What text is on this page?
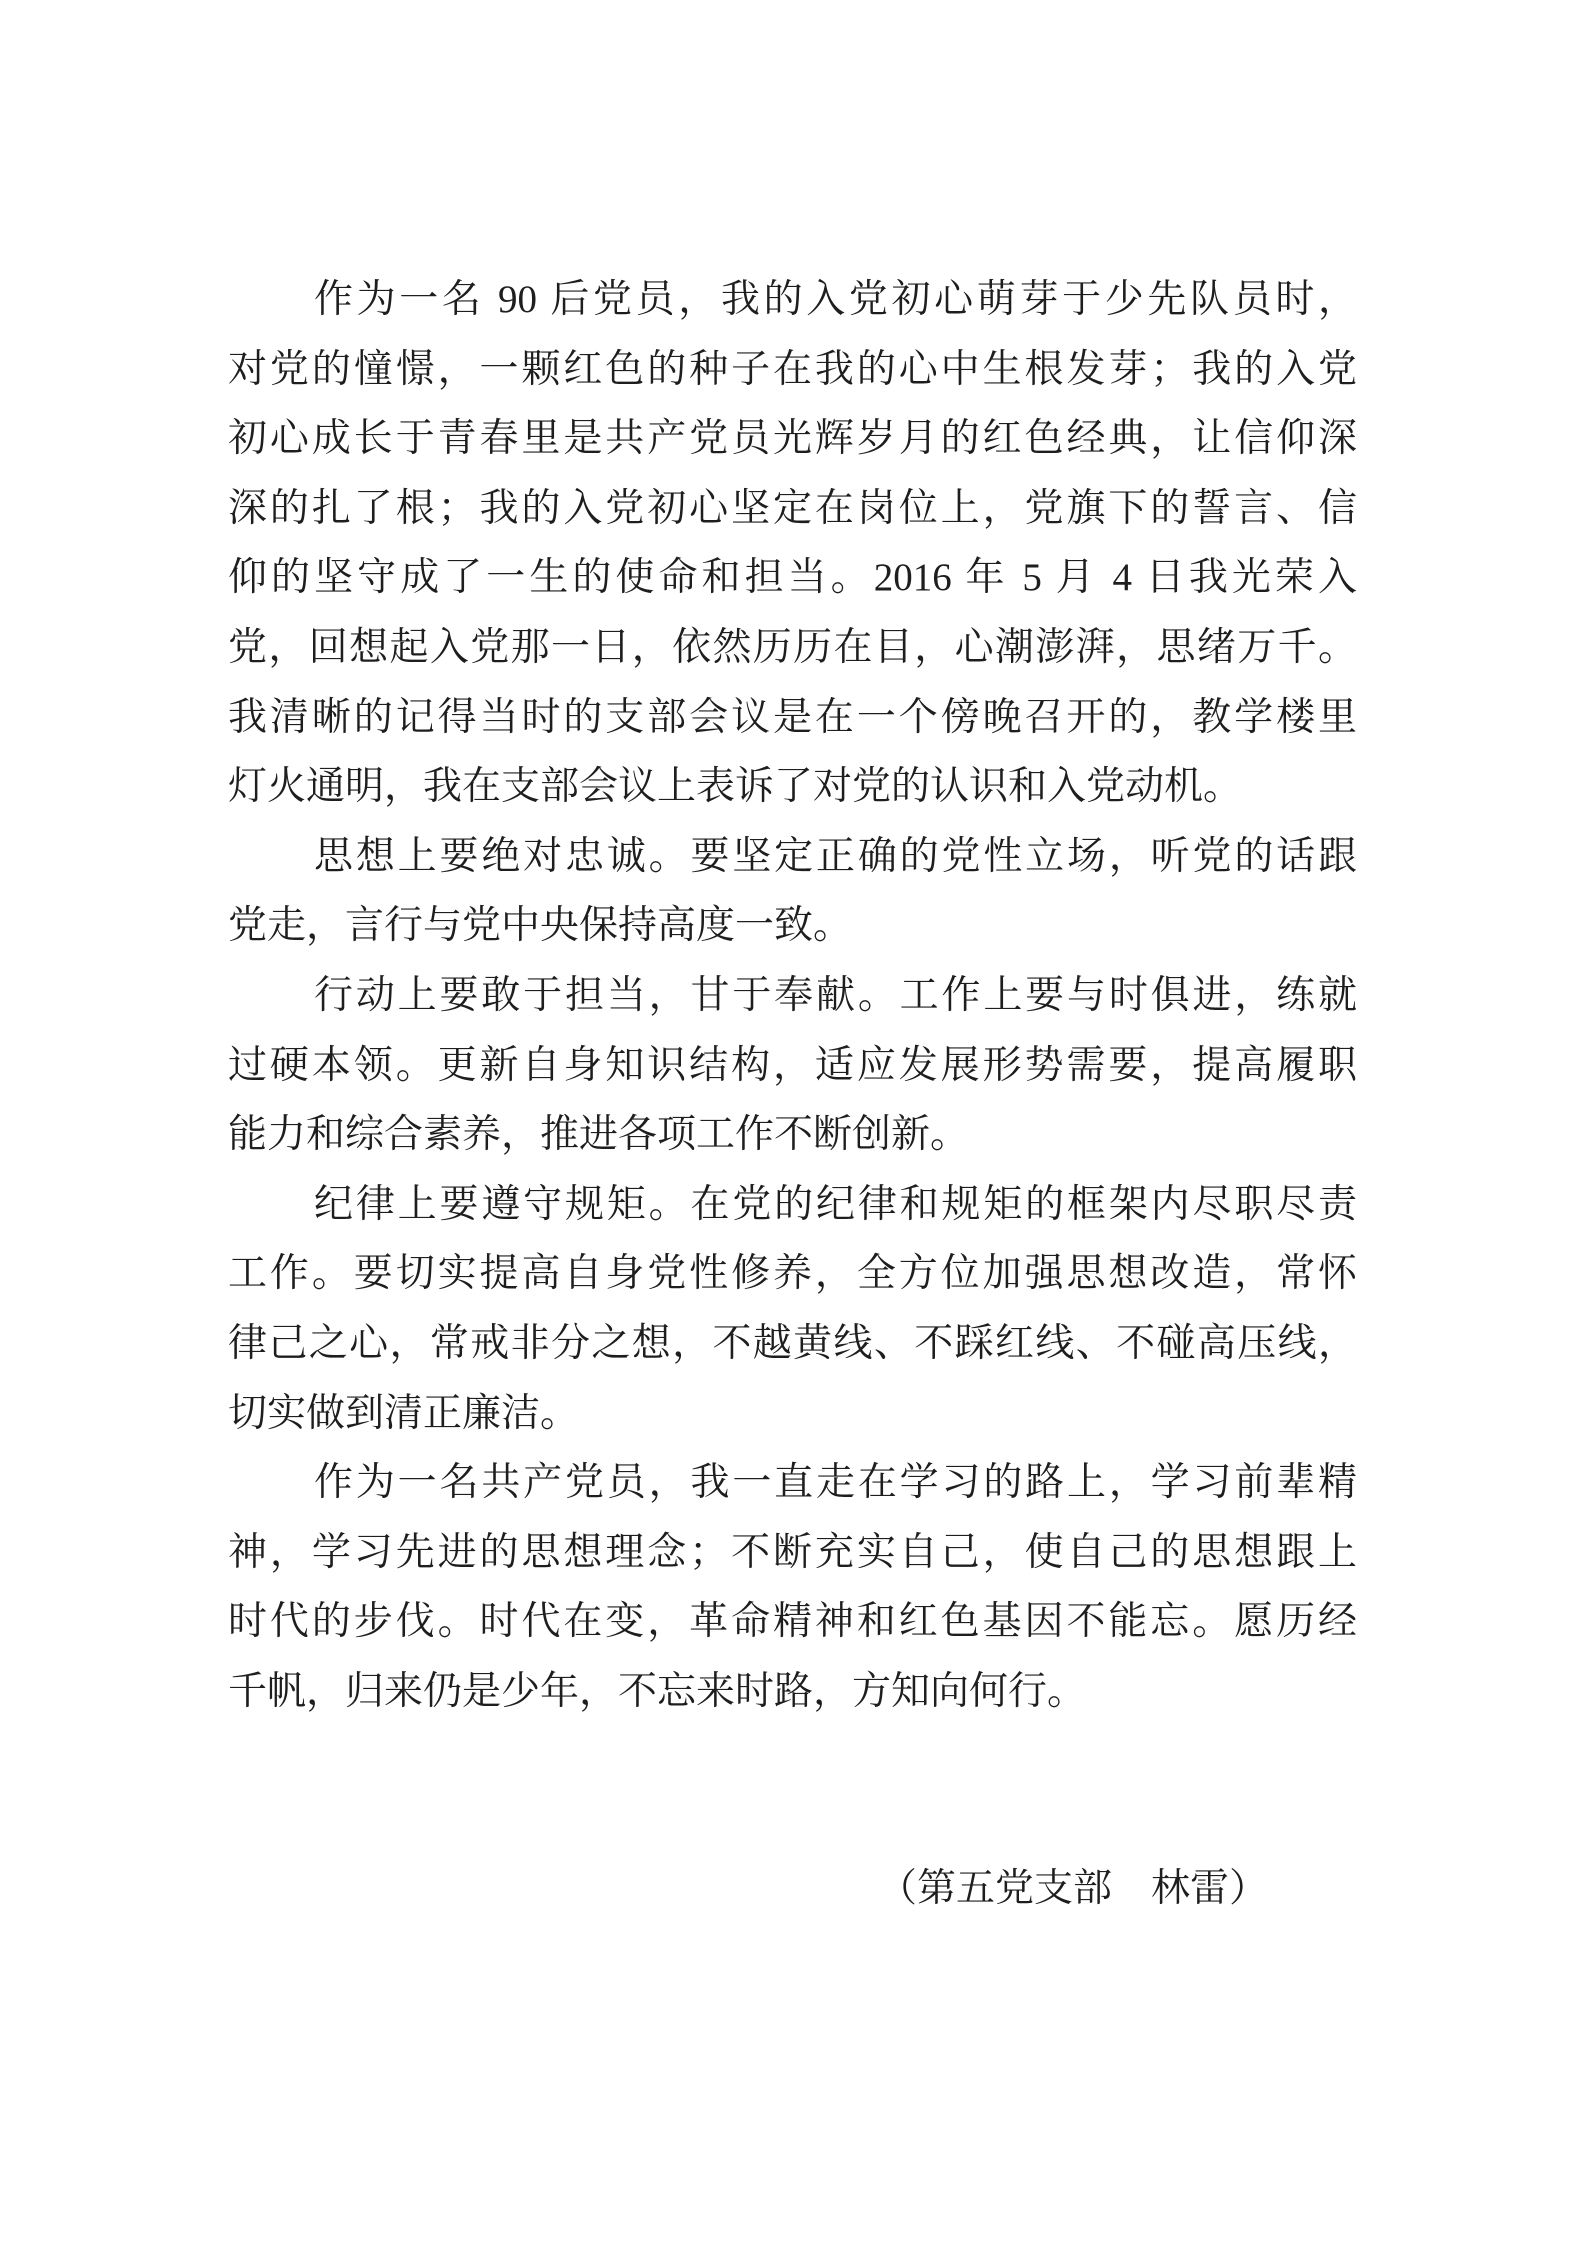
作为一名 90 后党员，我的入党初心萌芽于少先队员时，
对党的憧憬，一颗红色的种子在我的心中生根发芽；我的入党
初心成长于青春里是共产党员光辉岁月的红色经典，让信仰深
深的扎了根；我的入党初心坚定在岗位上，党旗下的誓言、信
仰的坚守成了一生的使命和担当。2016 年 5 月 4 日我光荣入
党，回想起入党那一日，依然历历在目，心潮澎湃，思绪万千。
我清晰的记得当时的支部会议是在一个傍晚召开的，教学楼里
灯火通明，我在支部会议上表诉了对党的认识和入党动机。
思想上要绝对忠诚。要坚定正确的党性立场，听党的话跟
党走，言行与党中央保持高度一致。
行动上要敢于担当，甘于奉献。工作上要与时俱进，练就
过硬本领。更新自身知识结构，适应发展形势需要，提高履职
能力和综合素养，推进各项工作不断创新。
纪律上要遵守规矩。在党的纪律和规矩的框架内尽职尽责
工作。要切实提高自身党性修养，全方位加强思想改造，常怀
律己之心，常戒非分之想，不越黄线、不踩红线、不碰高压线，
切实做到清正廉洁。
作为一名共产党员，我一直走在学习的路上，学习前辈精
神，学习先进的思想理念；不断充实自己，使自己的思想跟上
时代的步伐。时代在变，革命精神和红色基因不能忘。愿历经
千帆，归来仍是少年，不忘来时路，方知向何行。
（第五党支部　林雷）
